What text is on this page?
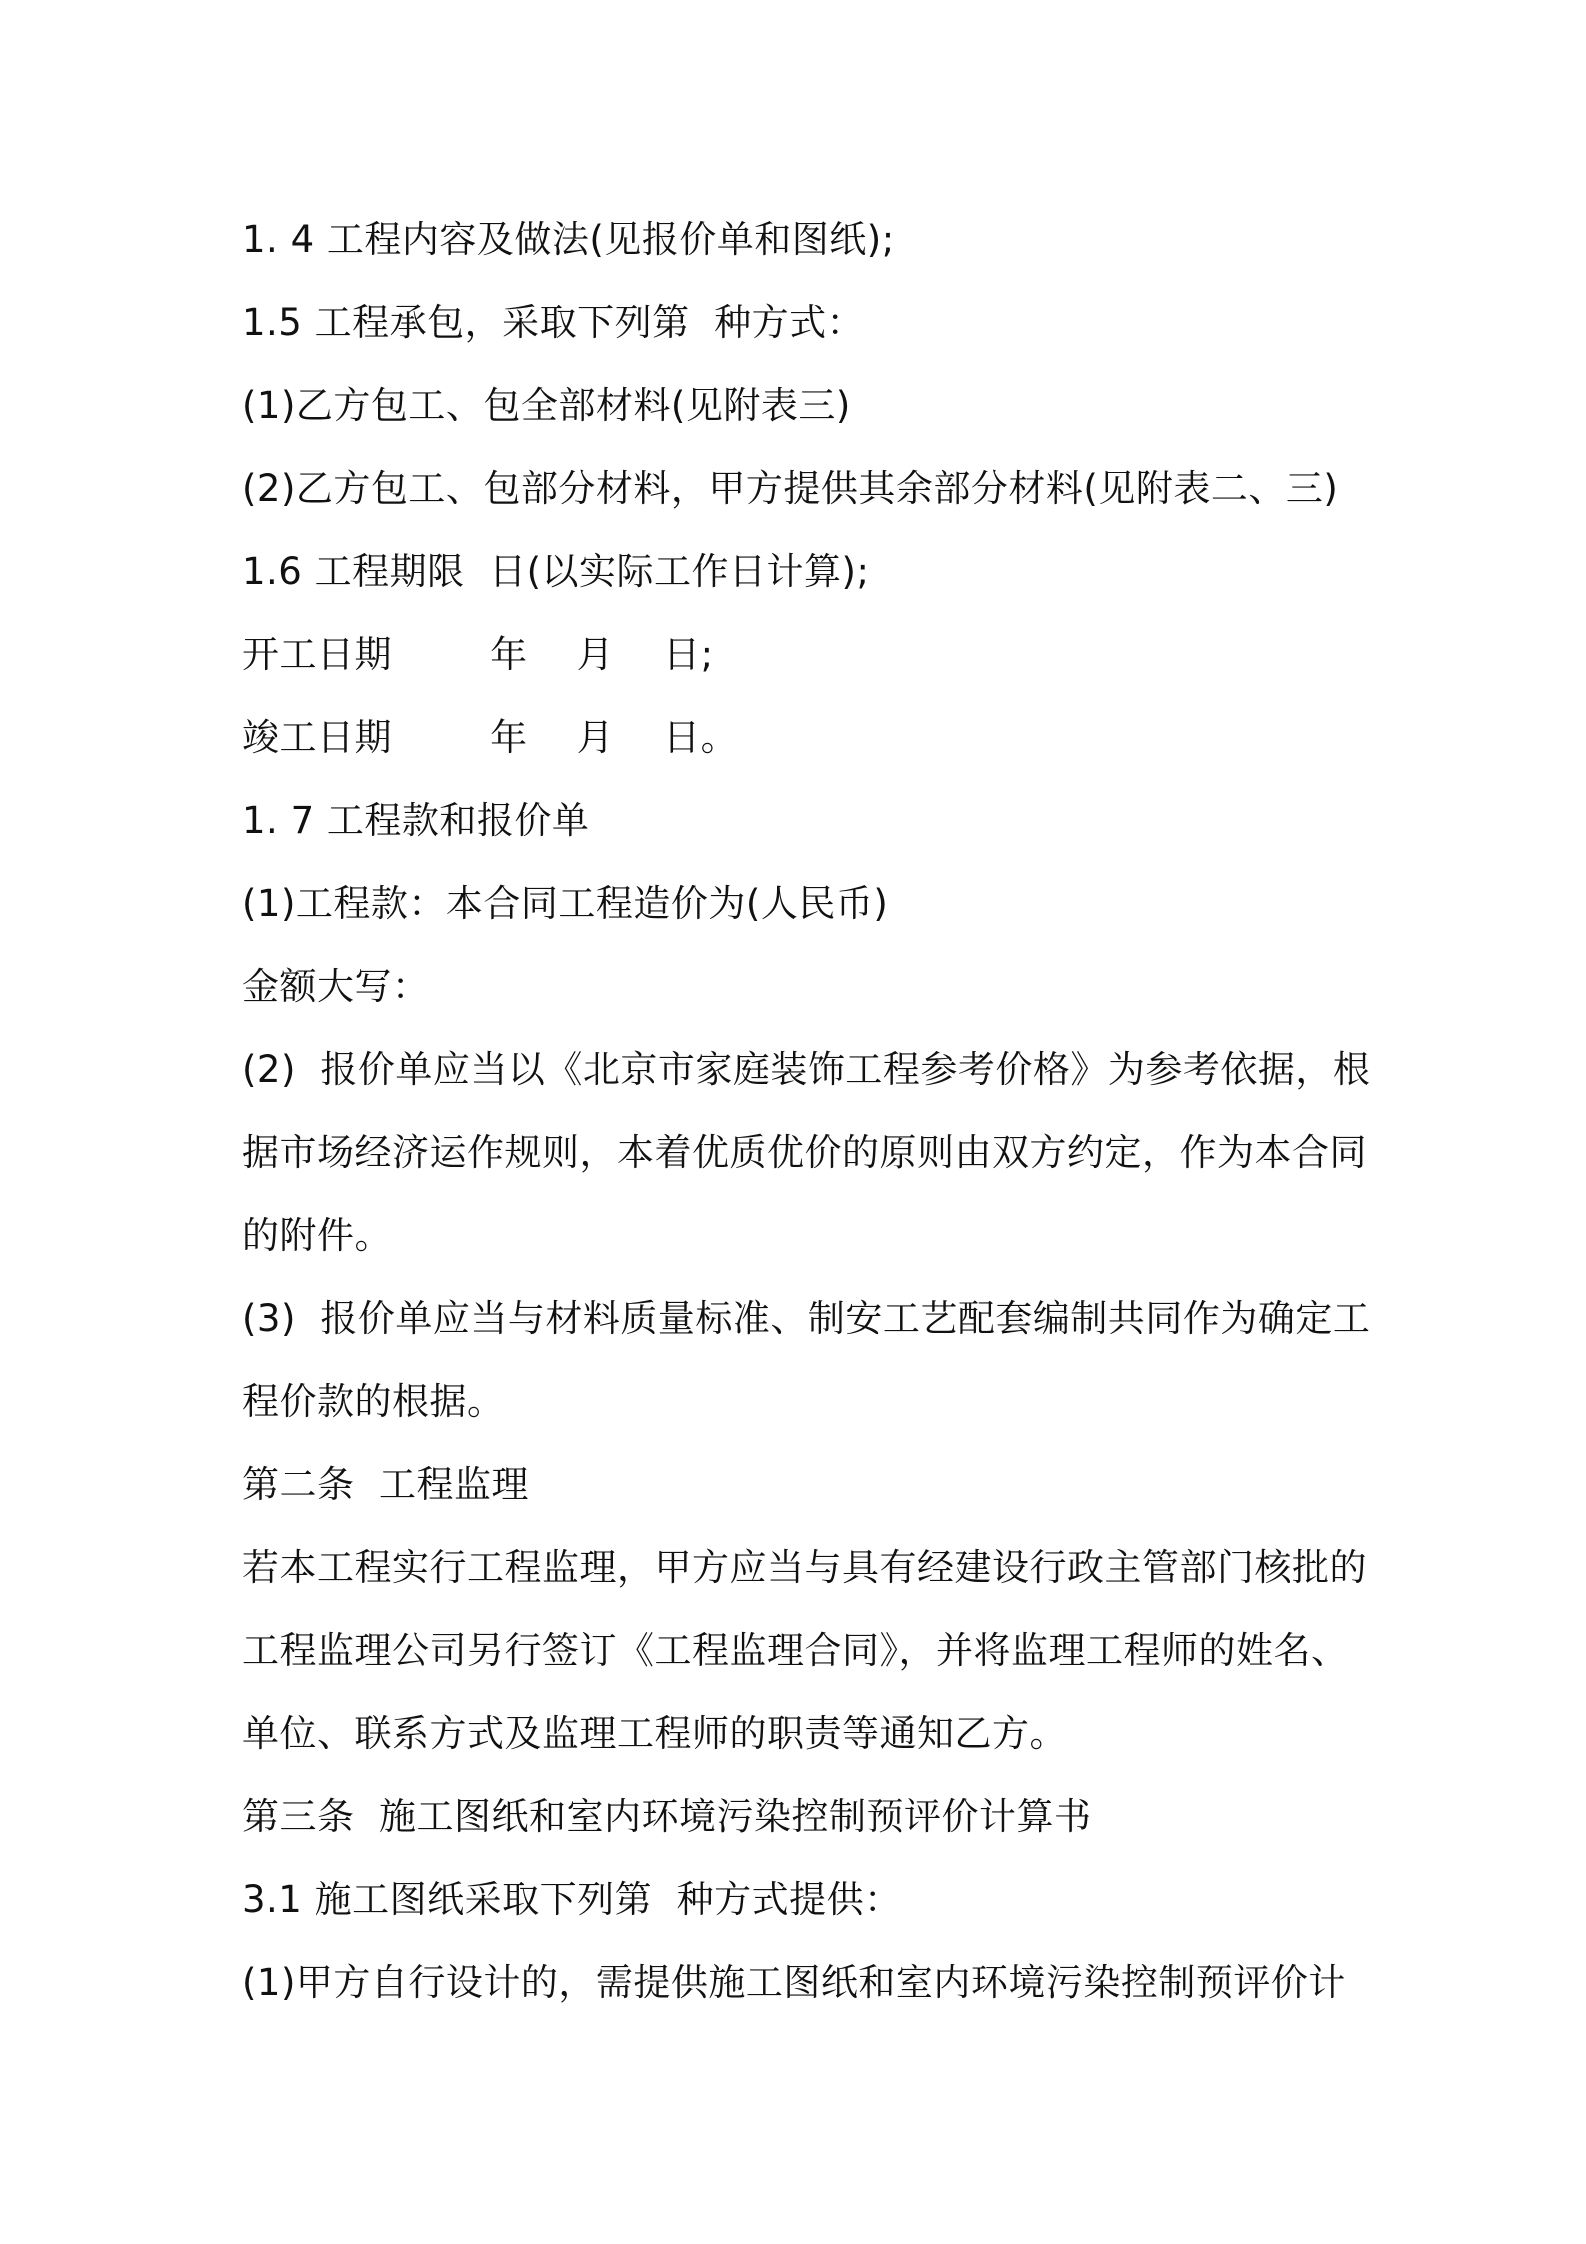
1. 4 工程内容及做法(见报价单和图纸);
1.5 工程承包，采取下列第  种方式：
(1)乙方包工、包全部材料(见附表三)
(2)乙方包工、包部分材料，甲方提供其余部分材料(见附表二、三)
1.6 工程期限  日(以实际工作日计算);
开工日期        年    月    日;
竣工日期        年    月    日。
1. 7 工程款和报价单
(1)工程款：本合同工程造价为(人民币)
金额大写：
(2)  报价单应当以《北京市家庭装饰工程参考价格》为参考依据，根
据市场经济运作规则，本着优质优价的原则由双方约定，作为本合同
的附件。
(3)  报价单应当与材料质量标准、制安工艺配套编制共同作为确定工
程价款的根据。
第二条  工程监理
若本工程实行工程监理，甲方应当与具有经建设行政主管部门核批的
工程监理公司另行签订《工程监理合同》，并将监理工程师的姓名、
单位、联系方式及监理工程师的职责等通知乙方。
第三条  施工图纸和室内环境污染控制预评价计算书
3.1 施工图纸采取下列第  种方式提供：
(1)甲方自行设计的，需提供施工图纸和室内环境污染控制预评价计
